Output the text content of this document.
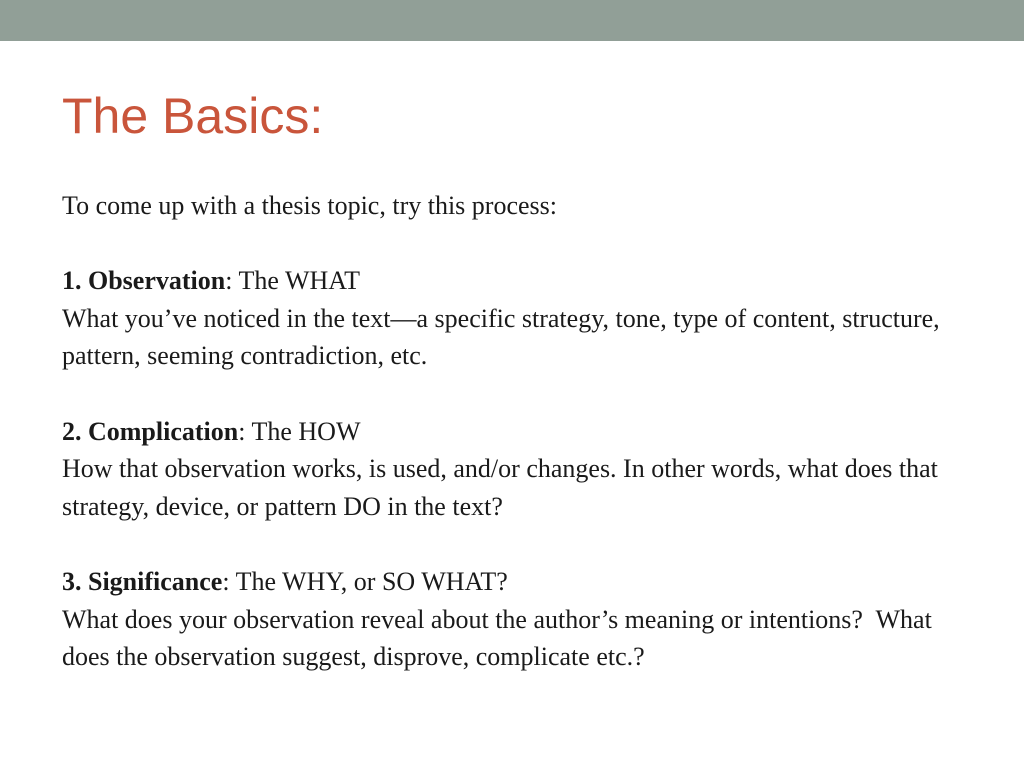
The Basics:

To come up with a thesis topic, try this process:

1. Observation: The WHAT

What you’ve noticed in the text—a specific strategy, tone, type of content, structure, pattern, seeming contradiction, etc.

2. Complication: The HOW

How that observation works, is used, and/or changes. In other words, what does that strategy, device, or pattern DO in the text?

3. Significance: The WHY, or SO WHAT?

What does your observation reveal about the author’s meaning or intentions?  What does the observation suggest, disprove, complicate etc.?
